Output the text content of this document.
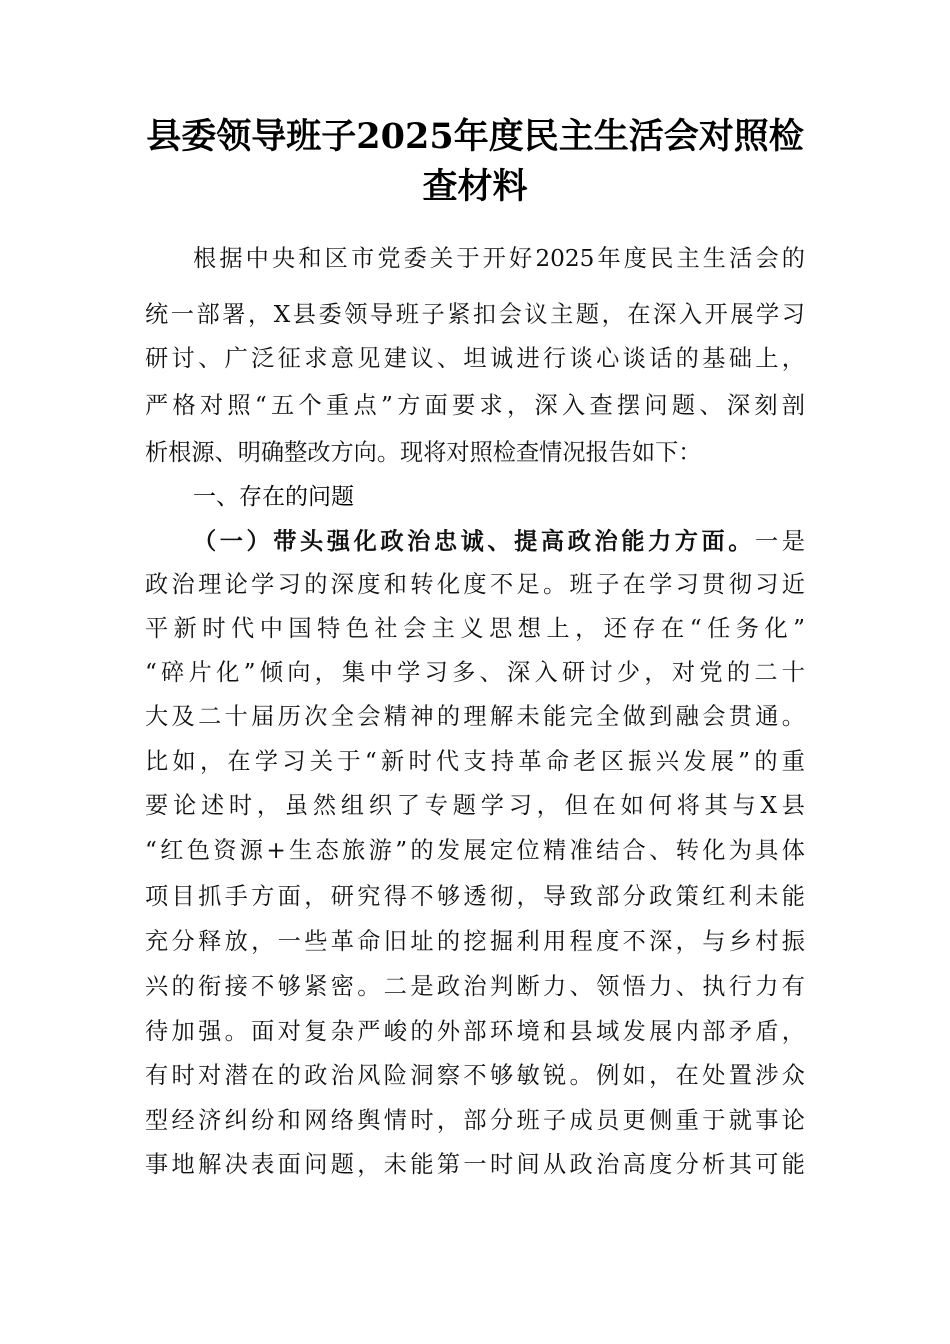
县委领导班子2025年度民主生活会对照检
查材料
根据中央和区市党委关于开好2025年度民主生活会的
统一部署，X县委领导班子紧扣会议主题，在深入开展学习
研讨、广泛征求意见建议、坦诚进行谈心谈话的基础上，
严格对照“五个重点”方面要求，深入查摆问题、深刻剖
析根源、明确整改方向。现将对照检查情况报告如下：
一、存在的问题
（一）带头强化政治忠诚、提高政治能力方面。一是
政治理论学习的深度和转化度不足。班子在学习贯彻习近
平新时代中国特色社会主义思想上，还存在“任务化”
“碎片化”倾向，集中学习多、深入研讨少，对党的二十
大及二十届历次全会精神的理解未能完全做到融会贯通。
比如，在学习关于“新时代支持革命老区振兴发展”的重
要论述时，虽然组织了专题学习，但在如何将其与X县
“红色资源+生态旅游”的发展定位精准结合、转化为具体
项目抓手方面，研究得不够透彻，导致部分政策红利未能
充分释放，一些革命旧址的挖掘利用程度不深，与乡村振
兴的衔接不够紧密。二是政治判断力、领悟力、执行力有
待加强。面对复杂严峻的外部环境和县域发展内部矛盾，
有时对潜在的政治风险洞察不够敏锐。例如，在处置涉众
型经济纠纷和网络舆情时，部分班子成员更侧重于就事论
事地解决表面问题，未能第一时间从政治高度分析其可能
